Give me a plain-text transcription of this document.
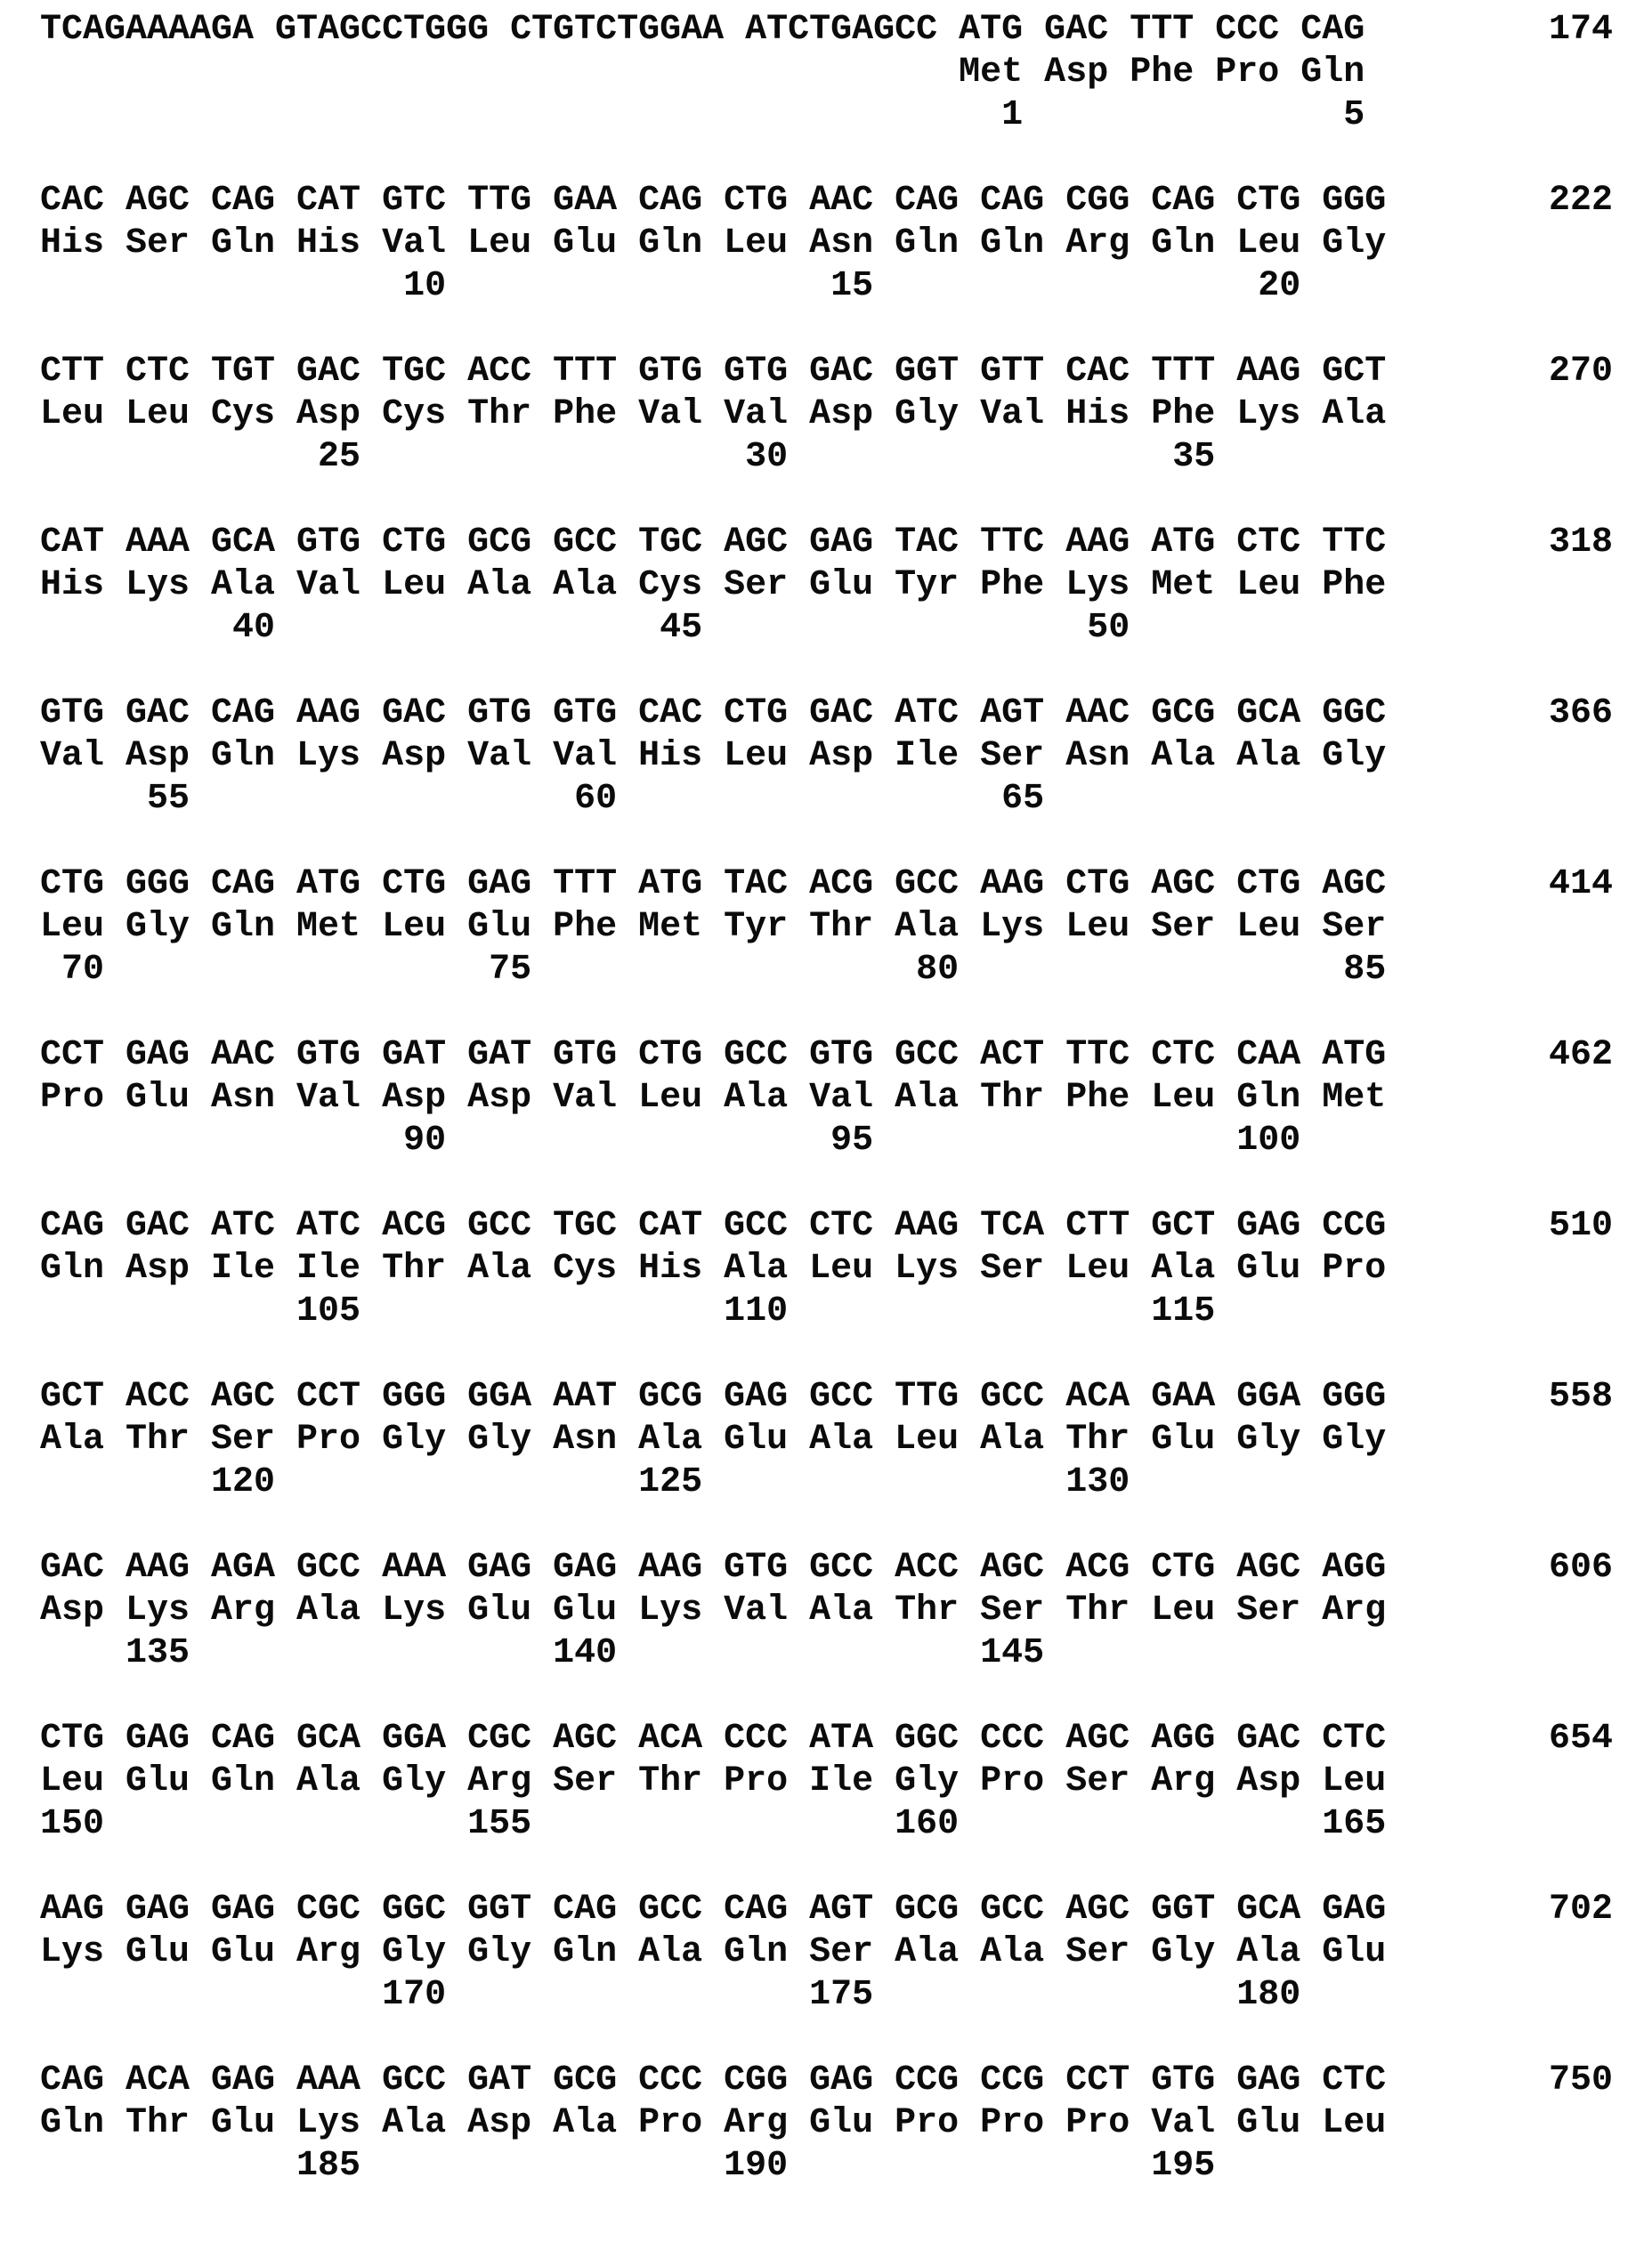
TCAGAAAAGA GTAGCCTGGG CTGTCTGGAA ATCTGAGCC ATG GAC TTT CCC CAG	174
Met Asp Phe Pro Gln
1               5
CAC AGC CAG CAT GTC TTG GAA CAG CTG AAC CAG CAG CGG CAG CTG GGG	222
His Ser Gln His Val Leu Glu Gln Leu Asn Gln Gln Arg Gln Leu Gly
10                  15                  20
CTT CTC TGT GAC TGC ACC TTT GTG GTG GAC GGT GTT CAC TTT AAG GCT	270
Leu Leu Cys Asp Cys Thr Phe Val Val Asp Gly Val His Phe Lys Ala
25                  30                  35
CAT AAA GCA GTG CTG GCG GCC TGC AGC GAG TAC TTC AAG ATG CTC TTC	318
His Lys Ala Val Leu Ala Ala Cys Ser Glu Tyr Phe Lys Met Leu Phe
40                  45                  50
GTG GAC CAG AAG GAC GTG GTG CAC CTG GAC ATC AGT AAC GCG GCA GGC	366
Val Asp Gln Lys Asp Val Val His Leu Asp Ile Ser Asn Ala Ala Gly
55                  60                  65
CTG GGG CAG ATG CTG GAG TTT ATG TAC ACG GCC AAG CTG AGC CTG AGC	414
Leu Gly Gln Met Leu Glu Phe Met Tyr Thr Ala Lys Leu Ser Leu Ser
70                  75                  80                  85
CCT GAG AAC GTG GAT GAT GTG CTG GCC GTG GCC ACT TTC CTC CAA ATG	462
Pro Glu Asn Val Asp Asp Val Leu Ala Val Ala Thr Phe Leu Gln Met
90                  95                 100
CAG GAC ATC ATC ACG GCC TGC CAT GCC CTC AAG TCA CTT GCT GAG CCG	510
Gln Asp Ile Ile Thr Ala Cys His Ala Leu Lys Ser Leu Ala Glu Pro
105                 110                 115
GCT ACC AGC CCT GGG GGA AAT GCG GAG GCC TTG GCC ACA GAA GGA GGG	558
Ala Thr Ser Pro Gly Gly Asn Ala Glu Ala Leu Ala Thr Glu Gly Gly
120                 125                 130
GAC AAG AGA GCC AAA GAG GAG AAG GTG GCC ACC AGC ACG CTG AGC AGG	606
Asp Lys Arg Ala Lys Glu Glu Lys Val Ala Thr Ser Thr Leu Ser Arg
135                 140                 145
CTG GAG CAG GCA GGA CGC AGC ACA CCC ATA GGC CCC AGC AGG GAC CTC	654
Leu Glu Gln Ala Gly Arg Ser Thr Pro Ile Gly Pro Ser Arg Asp Leu
150                 155                 160                 165
AAG GAG GAG CGC GGC GGT CAG GCC CAG AGT GCG GCC AGC GGT GCA GAG	702
Lys Glu Glu Arg Gly Gly Gln Ala Gln Ser Ala Ala Ser Gly Ala Glu
170                 175                 180
CAG ACA GAG AAA GCC GAT GCG CCC CGG GAG CCG CCG CCT GTG GAG CTC	750
Gln Thr Glu Lys Ala Asp Ala Pro Arg Glu Pro Pro Pro Val Glu Leu
185                 190                 195
